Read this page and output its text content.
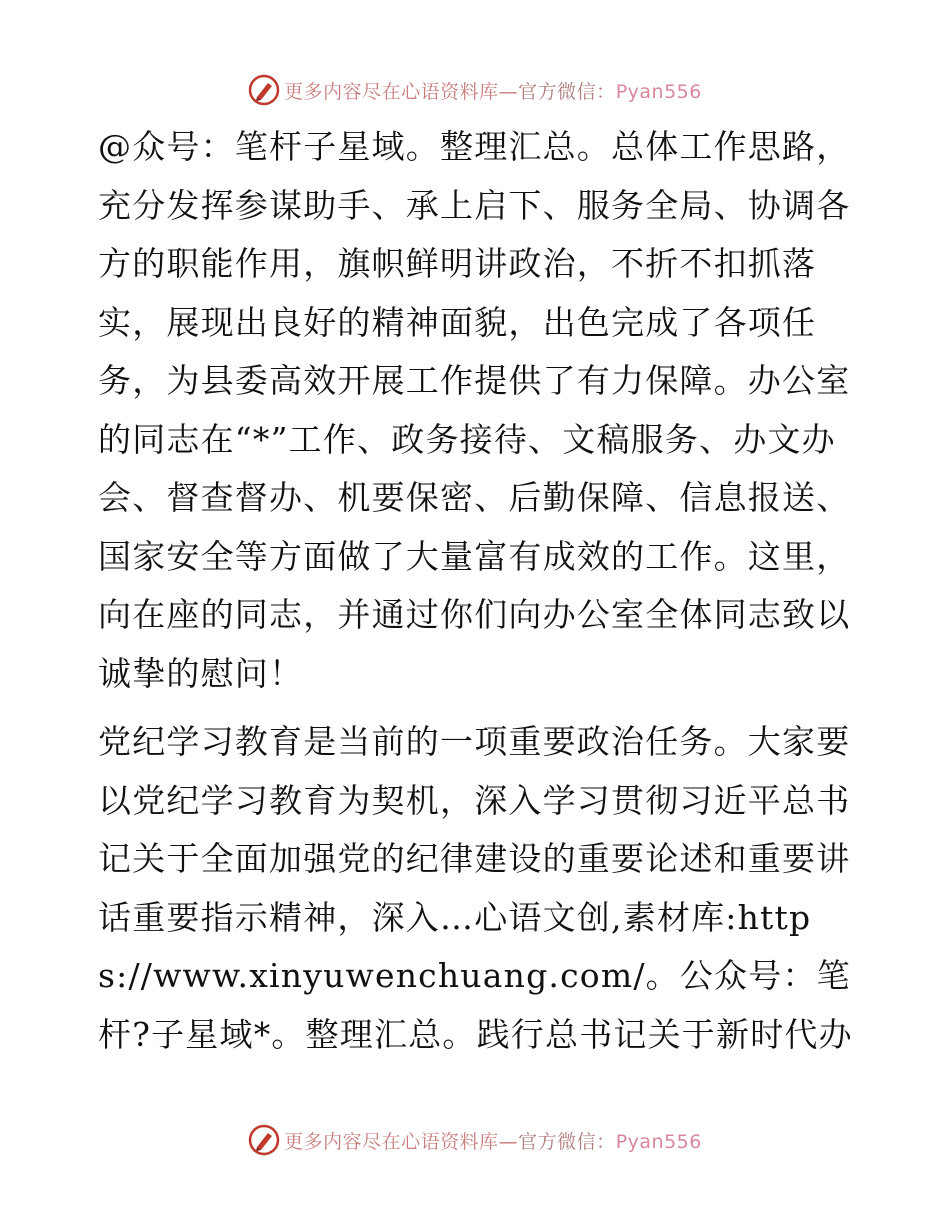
更多内容尽在心语资料库—官方微信：Pyan556

@众号：笔杆子星域。整理汇总。总体工作思路，充分发挥参谋助手、承上启下、服务全局、协调各方的职能作用，旗帜鲜明讲政治，不折不扣抓落实，展现出良好的精神面貌，出色完成了各项任务，为县委高效开展工作提供了有力保障。办公室的同志在“*”工作、政务接待、文稿服务、办文办会、督查督办、机要保密、后勤保障、信息报送、国家安全等方面做了大量富有成效的工作。这里，向在座的同志，并通过你们向办公室全体同志致以诚挚的慰问！

党纪学习教育是当前的一项重要政治任务。大家要以党纪学习教育为契机，深入学习贯彻习近平总书记关于全面加强党的纪律建设的重要论述和重要讲话重要指示精神，深入…心语文创,素材库:https://www.xinyuwenchuang.com/。公众号：笔杆?子星域*。整理汇总。践行总书记关于新时代办

更多内容尽在心语资料库—官方微信：Pyan556
